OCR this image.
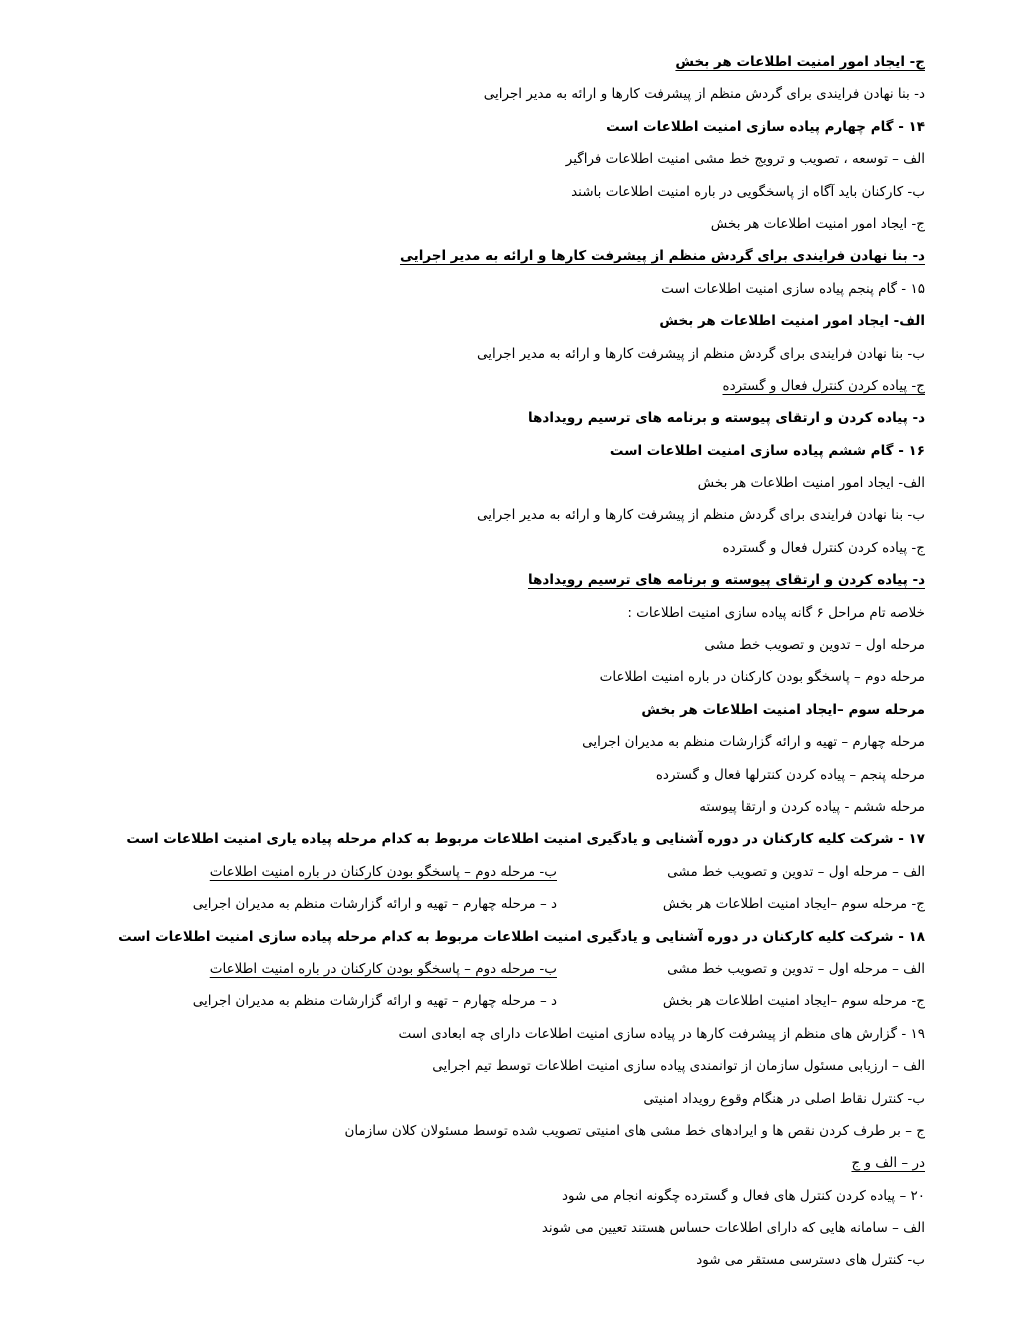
ج- ایجاد امور امنیت اطلاعات هر بخش
د- بنا نهادن فرایندی برای گردش منظم از پیشرفت کارها و ارائه به مدیر اجرایی
۱۴ - گام چهارم پیاده سازی امنیت اطلاعات است
الف – توسعه ، تصویب و ترویج خط مشی امنیت اطلاعات فراگیر
ب- کارکنان باید آگاه از پاسخگویی در باره امنیت اطلاعات باشند
ج- ایجاد امور امنیت اطلاعات هر بخش
د- بنا نهادن فرایندی برای گردش منظم از پیشرفت کارها و ارائه به مدیر اجرایی
۱۵ - گام پنجم پیاده سازی امنیت اطلاعات است
الف- ایجاد امور امنیت اطلاعات هر بخش
ب- بنا نهادن فرایندی برای گردش منظم از پیشرفت کارها و ارائه به مدیر اجرایی
ج- پیاده کردن کنترل فعال و گسترده
د- پیاده کردن و ارتقای پیوسته و برنامه های ترسیم رویدادها
۱۶ - گام ششم پیاده سازی امنیت اطلاعات است
الف- ایجاد امور امنیت اطلاعات هر بخش
ب- بنا نهادن فرایندی برای گردش منظم از پیشرفت کارها و ارائه به مدیر اجرایی
ج- پیاده کردن کنترل فعال و گسترده
د- پیاده کردن و ارتقای پیوسته و برنامه های ترسیم رویدادها
خلاصه تام مراحل ۶ گانه پیاده سازی امنیت اطلاعات :
مرحله اول – تدوین و تصویب خط مشی
مرحله دوم – پاسخگو بودن کارکنان در باره امنیت اطلاعات
مرحله سوم –ایجاد امنیت اطلاعات هر بخش
مرحله چهارم – تهیه و ارائه گزارشات منظم به مدیران اجرایی
مرحله پنجم – پیاده کردن کنترلها فعال و گسترده
مرحله ششم - پیاده کردن و ارتقا پیوسته
۱۷ - شرکت کلیه کارکنان در دوره آشنایی و یادگیری امنیت اطلاعات مربوط به کدام مرحله پیاده یاری امنیت اطلاعات است
الف – مرحله اول – تدوین و تصویب خط مشی
ب- مرحله دوم – پاسخگو بودن کارکنان در باره امنیت اطلاعات
ج- مرحله سوم –ایجاد امنیت اطلاعات هر بخش
د – مرحله چهارم – تهیه و ارائه گزارشات منظم به مدیران اجرایی
۱۸ - شرکت کلیه کارکنان در دوره آشنایی و یادگیری امنیت اطلاعات مربوط به کدام مرحله پیاده سازی امنیت اطلاعات است
الف – مرحله اول – تدوین و تصویب خط مشی
ب- مرحله دوم – پاسخگو بودن کارکنان در باره امنیت اطلاعات
ج- مرحله سوم –ایجاد امنیت اطلاعات هر بخش
د – مرحله چهارم – تهیه و ارائه گزارشات منظم به مدیران اجرایی
۱۹ - گزارش های منظم از پیشرفت کارها در پیاده سازی امنیت اطلاعات دارای چه ابعادی است
الف – ارزیابی مسئول سازمان از توانمندی پیاده سازی امنیت اطلاعات توسط تیم اجرایی
ب- کنترل نقاط اصلی در هنگام وقوع رویداد امنیتی
ج – بر طرف کردن نقص ها و ایرادهای خط مشی های امنیتی تصویب شده توسط مسئولان کلان سازمان
در – الف و ج
۲۰ – پیاده کردن کنترل های فعال و گسترده چگونه انجام می شود
الف – سامانه هایی که دارای اطلاعات حساس هستند تعیین می شوند
ب- کنترل های دسترسی مستقر می شود
